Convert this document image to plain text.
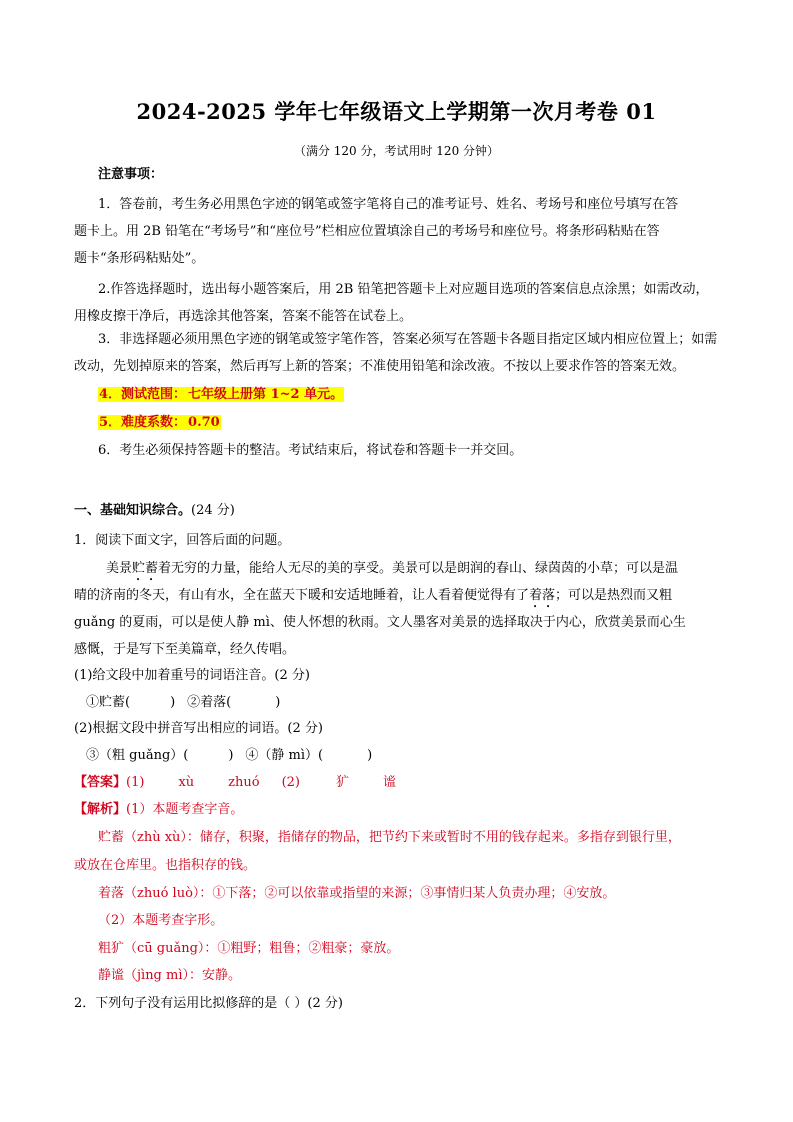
2024-2025 学年七年级语文上学期第一次月考卷 01
（满分 120 分，考试用时 120 分钟）
注意事项：
1．答卷前，考生务必用黑色字迹的钢笔或签字笔将自己的准考证号、姓名、考场号和座位号填写在答
题卡上。用 2B 铅笔在“考场号”和“座位号”栏相应位置填涂自己的考场号和座位号。将条形码粘贴在答
题卡“条形码粘贴处”。
2.作答选择题时，选出每小题答案后，用 2B 铅笔把答题卡上对应题目选项的答案信息点涂黑；如需改动，
用橡皮擦干净后，再选涂其他答案，答案不能答在试卷上。
3．非选择题必须用黑色字迹的钢笔或签字笔作答，答案必须写在答题卡各题目指定区域内相应位置上；如需
改动，先划掉原来的答案，然后再写上新的答案；不准使用铅笔和涂改液。不按以上要求作答的答案无效。
4．测试范围： 七年级上册第 1~2 单元。
5．难度系数： 0.70
6．考生必须保持答题卡的整洁。考试结束后，将试卷和答题卡一并交回。
一、基础知识综合。(24 分)
1．阅读下面文字，回答后面的问题。
美景贮蓄着无穷的力量，能给人无尽的美的享受。美景可以是朗润的春山、绿茵茵的小草；可以是温
晴的济南的冬天，有山有水，全在蓝天下暖和安适地睡着，让人看着便觉得有了着落；可以是热烈而又粗
guǎng 的夏雨，可以是使人静 mì、使人怀想的秋雨。文人墨客对美景的选择取决于内心，欣赏美景而心生
感慨，于是写下至美篇章，经久传唱。
(1)给文段中加着重号的词语注音。(2 分)
①贮蓄(	) ②着落(	)
(2)根据文段中拼音写出相应的词语。(2 分)
③（粗 guǎng）(	) ④（静 mì）(	)
【答案】(1)	xù	zhuó (2)	犷	谧
【解析】(1）本题考查字音。
贮蓄（zhù xù）：储存，积聚，指储存的物品，把节约下来或暂时不用的钱存起来。多指存到银行里，
或放在仓库里。也指积存的钱。
着落（zhuó luò）：①下落；②可以依靠或指望的来源；③事情归某人负责办理；④安放。
（2）本题考查字形。
粗犷（cū guǎng）：①粗野；粗鲁；②粗豪；豪放。
静谧（jìng mì）：安静。
2．下列句子没有运用比拟修辞的是（ ）(2 分)
